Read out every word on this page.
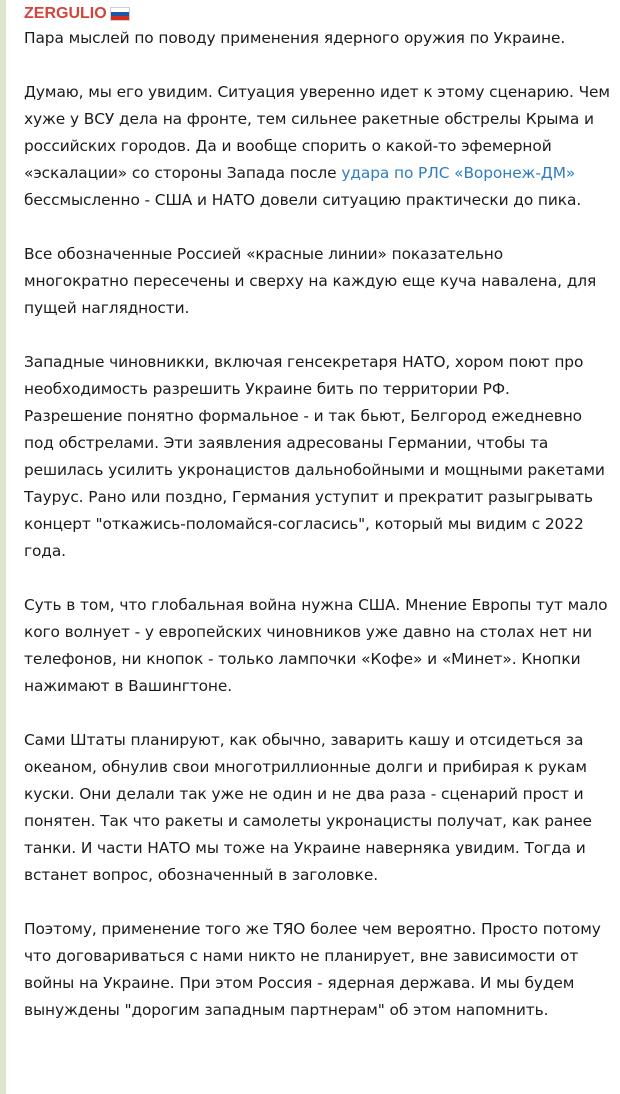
ZERGULIO

Пара мыслей по поводу применения ядерного оружия по Украине.

Думаю, мы его увидим. Ситуация уверенно идет к этому сценарию. Чем хуже у ВСУ дела на фронте, тем сильнее ракетные обстрелы Крыма и российских городов. Да и вообще спорить о какой-то эфемерной «эскалации» со стороны Запада после удара по РЛС «Воронеж-ДМ» бессмысленно - США и НАТО довели ситуацию практически до пика.

Все обозначенные Россией «красные линии» показательно многократно пересечены и сверху на каждую еще куча навалена, для пущей наглядности.

Западные чиновникки, включая генсекретаря НАТО, хором поют про необходимость разрешить Украине бить по территории РФ. Разрешение понятно формальное - и так бьют, Белгород ежедневно под обстрелами. Эти заявления адресованы Германии, чтобы та решилась усилить укронацистов дальнобойными и мощными ракетами Таурус. Рано или поздно, Германия уступит и прекратит разыгрывать концерт "откажись-поломайся-согласись", который мы видим с 2022 года.

Суть в том, что глобальная война нужна США. Мнение Европы тут мало кого волнует - у европейских чиновников уже давно на столах нет ни телефонов, ни кнопок - только лампочки «Кофе» и «Минет». Кнопки нажимают в Вашингтоне.

Сами Штаты планируют, как обычно, заварить кашу и отсидеться за океаном, обнулив свои многотриллионные долги и прибирая к рукам куски. Они делали так уже не один и не два раза - сценарий прост и понятен. Так что ракеты и самолеты укронацисты получат, как ранее танки. И части НАТО мы тоже на Украине наверняка увидим. Тогда и встанет вопрос, обозначенный в заголовке.

Поэтому, применение того же ТЯО более чем вероятно. Просто потому что договариваться с нами никто не планирует, вне зависимости от войны на Украине. При этом Россия - ядерная держава. И мы будем вынуждены "дорогим западным партнерам" об этом напомнить.
